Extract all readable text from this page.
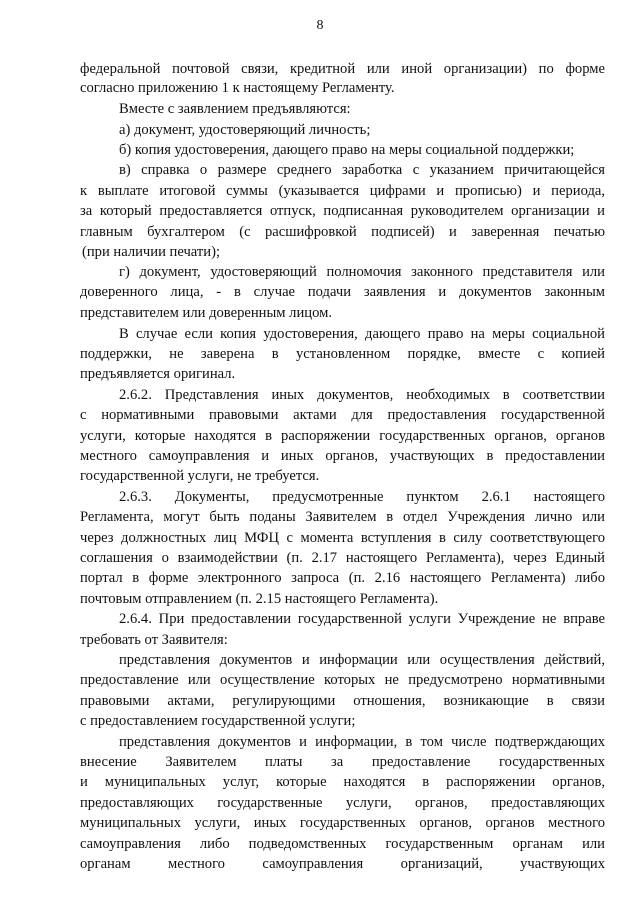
8
федеральной почтовой связи, кредитной или иной организации) по форме
согласно приложению 1 к настоящему Регламенту.
Вместе с заявлением предъявляются:
а) документ, удостоверяющий личность;
б) копия удостоверения, дающего право на меры социальной поддержки;
в) справка о размере среднего заработка с указанием причитающейся
к выплате итоговой суммы (указывается цифрами и прописью) и периода,
за который предоставляется отпуск, подписанная руководителем организации и
главным бухгалтером (с расшифровкой подписей) и заверенная печатью
(при наличии печати);
г) документ, удостоверяющий полномочия законного представителя или
доверенного лица, - в случае подачи заявления и документов законным
представителем или доверенным лицом.
В случае если копия удостоверения, дающего право на меры социальной
поддержки, не заверена в установленном порядке, вместе с копией
предъявляется оригинал.
2.6.2. Представления иных документов, необходимых в соответствии
с нормативными правовыми актами для предоставления государственной
услуги, которые находятся в распоряжении государственных органов, органов
местного самоуправления и иных органов, участвующих в предоставлении
государственной услуги, не требуется.
2.6.3. Документы, предусмотренные пунктом 2.6.1 настоящего
Регламента, могут быть поданы Заявителем в отдел Учреждения лично или
через должностных лиц МФЦ с момента вступления в силу соответствующего
соглашения о взаимодействии (п. 2.17 настоящего Регламента), через Единый
портал в форме электронного запроса (п. 2.16 настоящего Регламента) либо
почтовым отправлением (п. 2.15 настоящего Регламента).
2.6.4. При предоставлении государственной услуги Учреждение не вправе
требовать от Заявителя:
представления документов и информации или осуществления действий,
предоставление или осуществление которых не предусмотрено нормативными
правовыми актами, регулирующими отношения, возникающие в связи
с предоставлением государственной услуги;
представления документов и информации, в том числе подтверждающих
внесение Заявителем платы за предоставление государственных
и муниципальных услуг, которые находятся в распоряжении органов,
предоставляющих государственные услуги, органов, предоставляющих
муниципальных услуги, иных государственных органов, органов местного
самоуправления либо подведомственных государственным органам или
органам местного самоуправления организаций, участвующих
